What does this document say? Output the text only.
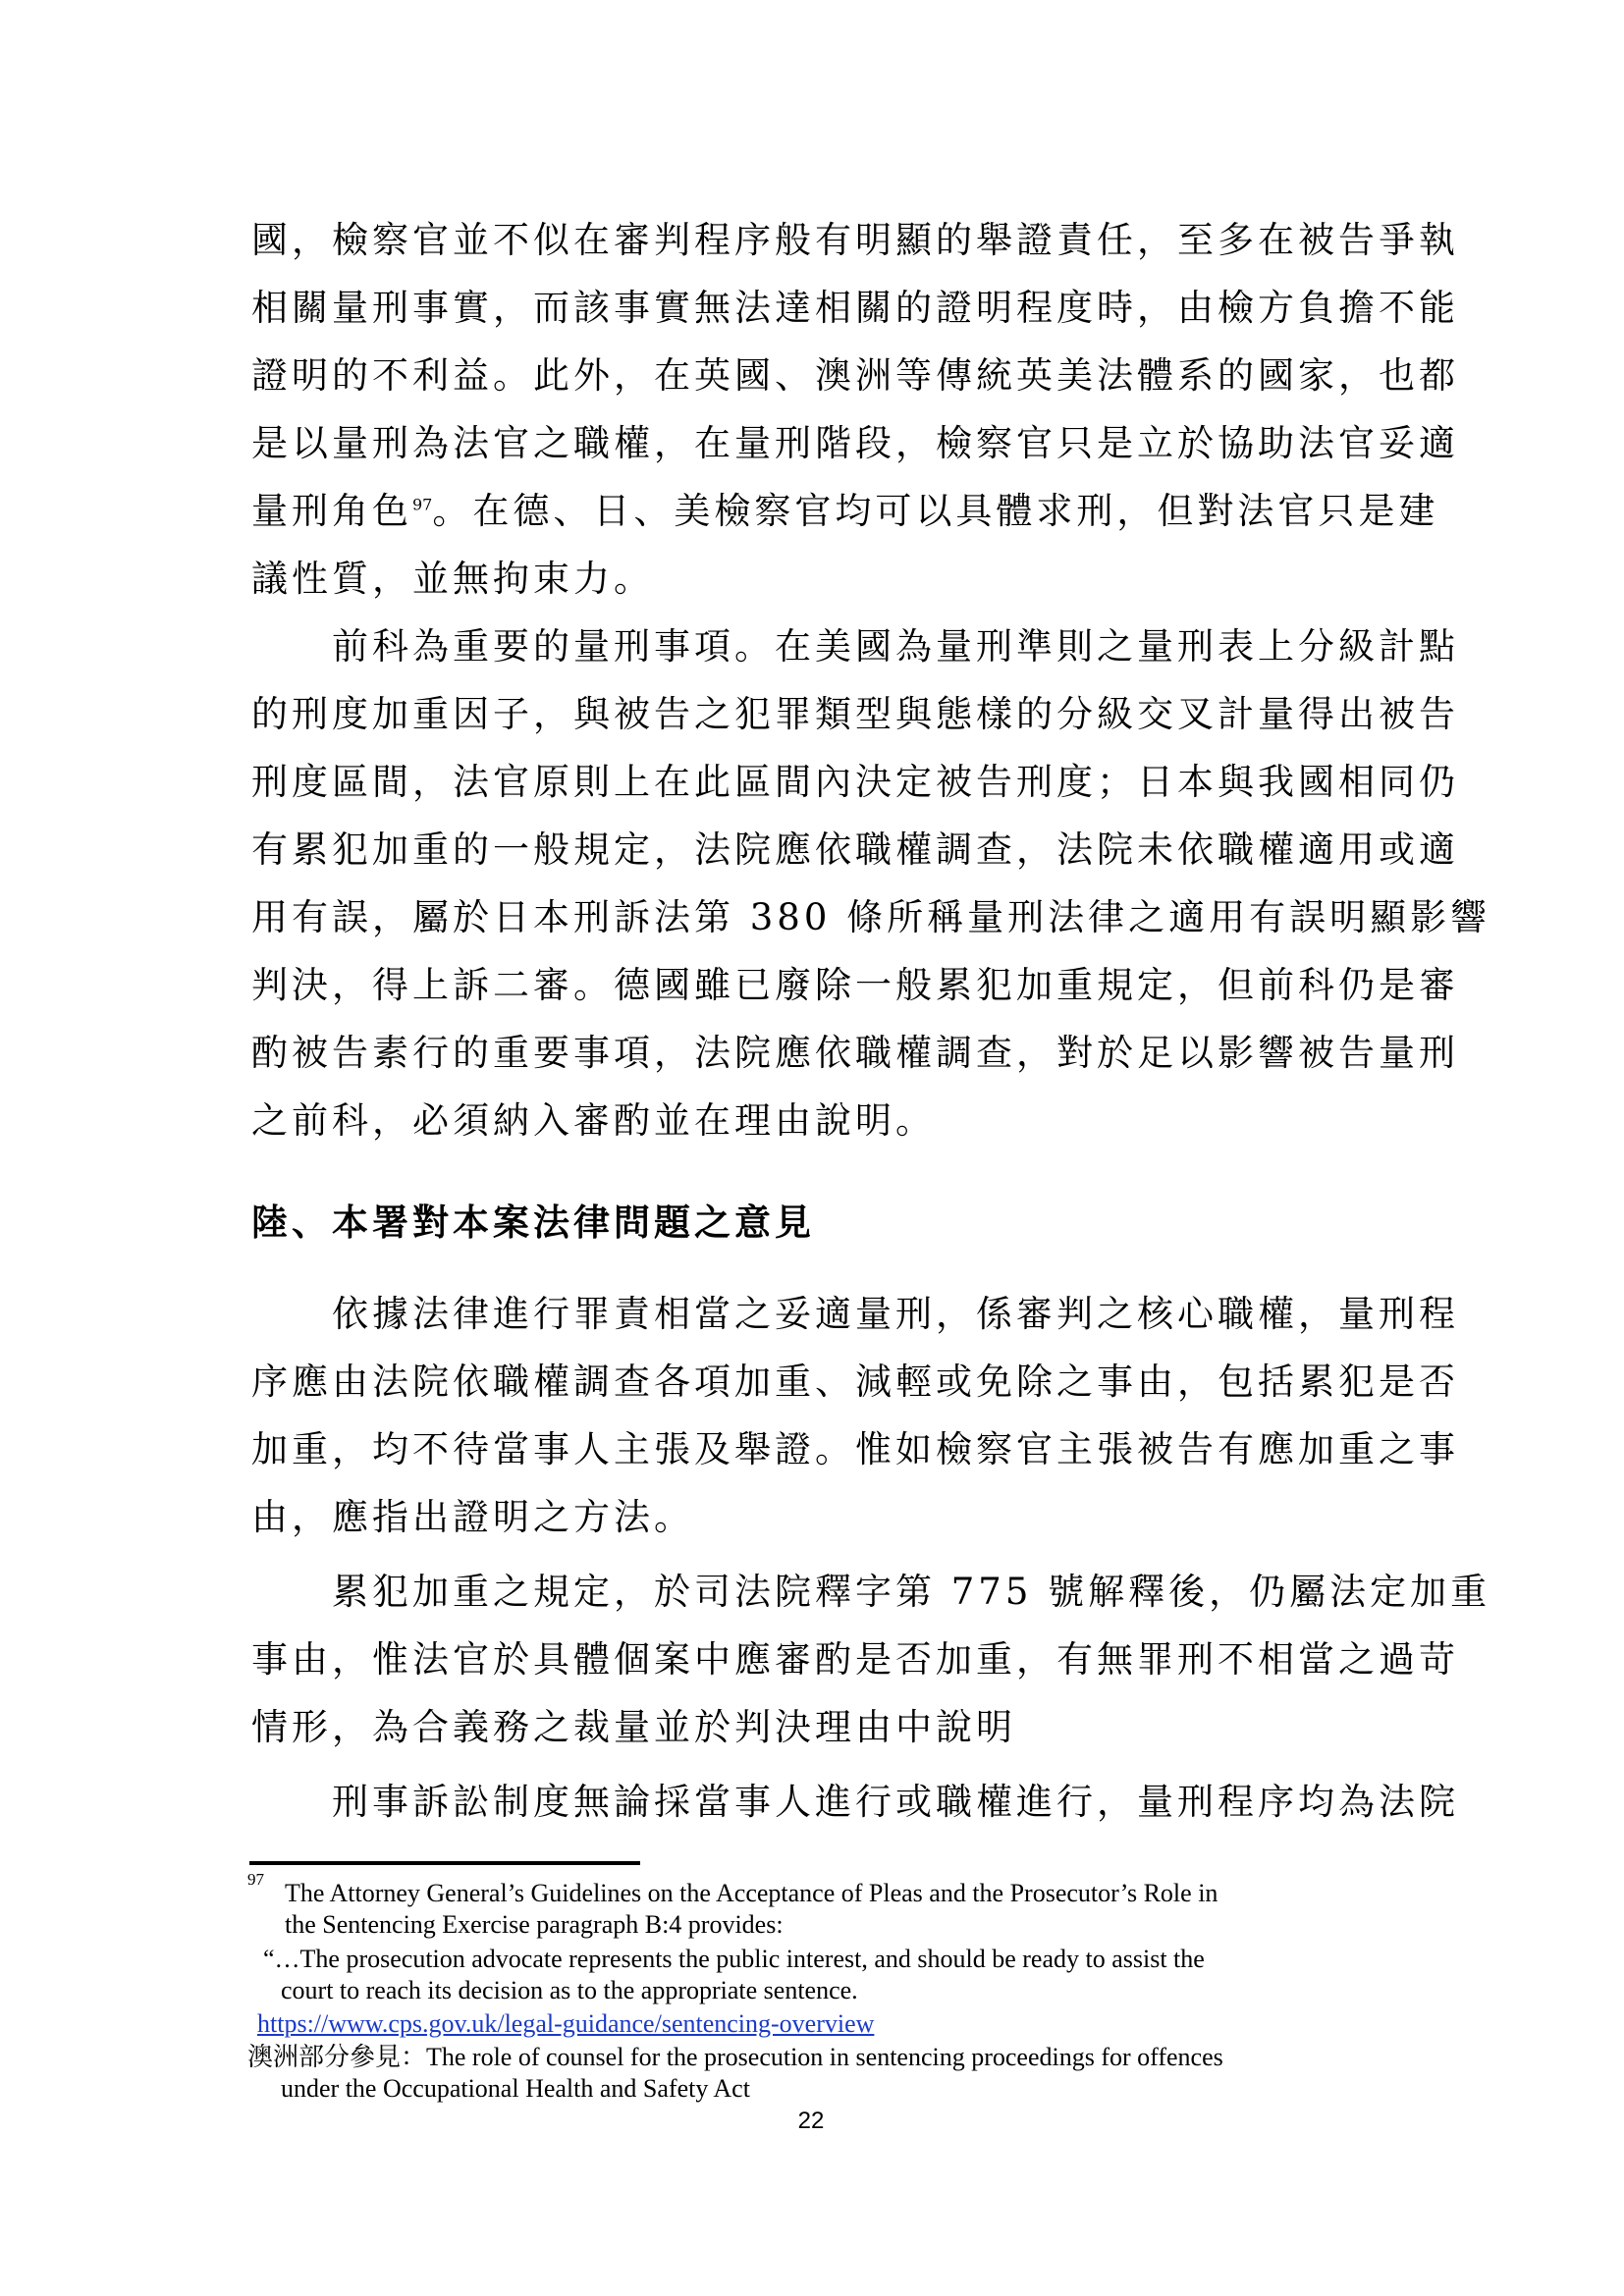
國，檢察官並不似在審判程序般有明顯的舉證責任，至多在被告爭執
相關量刑事實，而該事實無法達相關的證明程度時，由檢方負擔不能
證明的不利益。此外，在英國、澳洲等傳統英美法體系的國家，也都
是以量刑為法官之職權，在量刑階段，檢察官只是立於協助法官妥適
量刑角色$^{97}$。在德、日、美檢察官均可以具體求刑，但對法官只是建
議性質，並無拘束力。
　　前科為重要的量刑事項。在美國為量刑準則之量刑表上分級計點
的刑度加重因子，與被告之犯罪類型與態樣的分級交叉計量得出被告
刑度區間，法官原則上在此區間內決定被告刑度；日本與我國相同仍
有累犯加重的一般規定，法院應依職權調查，法院未依職權適用或適
用有誤，屬於日本刑訴法第 380 條所稱量刑法律之適用有誤明顯影響
判決，得上訴二審。德國雖已廢除一般累犯加重規定，但前科仍是審
酌被告素行的重要事項，法院應依職權調查，對於足以影響被告量刑
之前科，必須納入審酌並在理由說明。
陸、本署對本案法律問題之意見
　　依據法律進行罪責相當之妥適量刑，係審判之核心職權，量刑程
序應由法院依職權調查各項加重、減輕或免除之事由，包括累犯是否
加重，均不待當事人主張及舉證。惟如檢察官主張被告有應加重之事
由，應指出證明之方法。
　　累犯加重之規定，於司法院釋字第 775 號解釋後，仍屬法定加重
事由，惟法官於具體個案中應審酌是否加重，有無罪刑不相當之過苛
情形，為合義務之裁量並於判決理由中說明
　　刑事訴訟制度無論採當事人進行或職權進行，量刑程序均為法院
97 The Attorney General’s Guidelines on the Acceptance of Pleas and the Prosecutor’s Role in
the Sentencing Exercise paragraph B:4 provides:
“…The prosecution advocate represents the public interest, and should be ready to assist the
court to reach its decision as to the appropriate sentence.
https://www.cps.gov.uk/legal-guidance/sentencing-overview
澳洲部分參見：The role of counsel for the prosecution in sentencing proceedings for offences
under the Occupational Health and Safety Act
22
